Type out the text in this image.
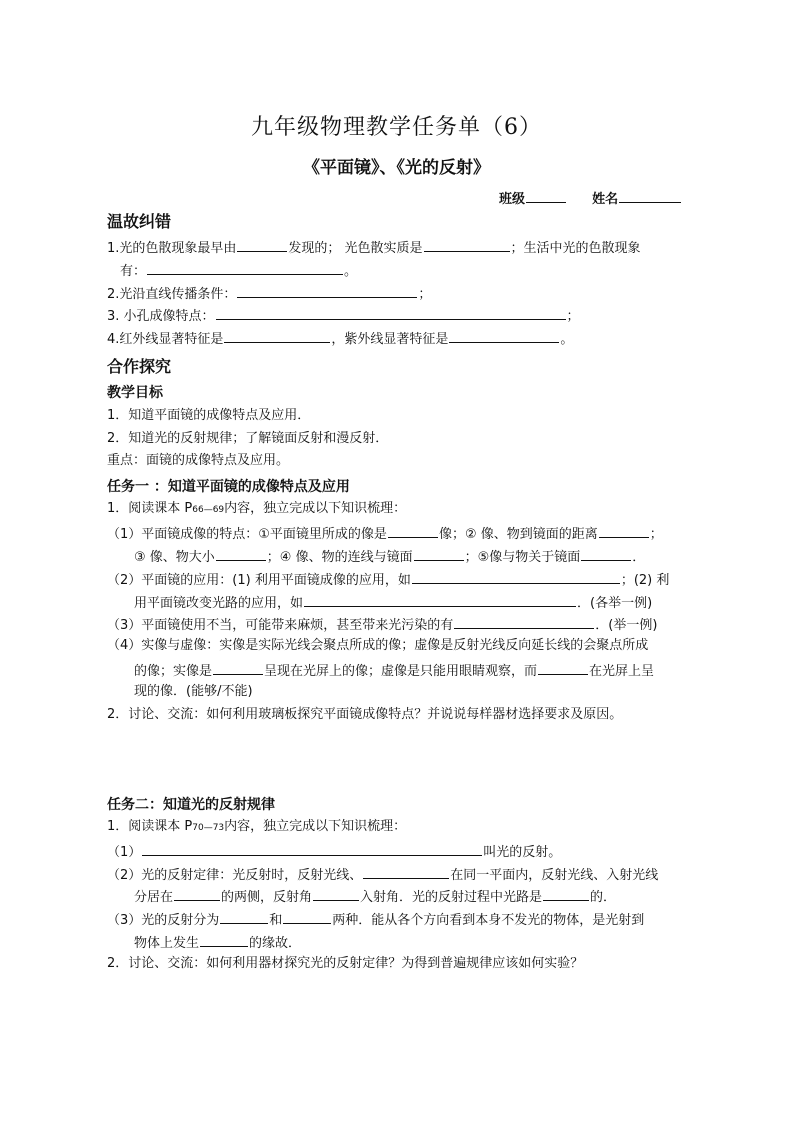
九年级物理教学任务单（6）
《平面镜》、《光的反射》
班级	姓名
温故纠错
1.光的色散现象最早由	发现的； 光色散实质是	；生活中光的色散现象
有：	。
2.光沿直线传播条件：	；
3. 小孔成像特点：	；
4.红外线显著特征是	，紫外线显著特征是	。
合作探究
教学目标
1．知道平面镜的成像特点及应用．
2．知道光的反射规律；了解镜面反射和漫反射．
重点：面镜的成像特点及应用。
任务一 ：知道平面镜的成像特点及应用
1．阅读课本 P66—69内容，独立完成以下知识梳理：
（1）平面镜成像的特点：①平面镜里所成的像是	像；② 像、物到镜面的距离	；
③ 像、物大小	；④ 像、物的连线与镜面	；⑤像与物关于镜面	．
（2）平面镜的应用：(1) 利用平面镜成像的应用，如	；(2) 利
用平面镜改变光路的应用，如	．(各举一例)
（3）平面镜使用不当，可能带来麻烦，甚至带来光污染的有	．(举一例)
（4）实像与虚像：实像是实际光线会聚点所成的像；虚像是反射光线反向延长线的会聚点所成
的像；实像是	呈现在光屏上的像；虚像是只能用眼睛观察，而	在光屏上呈
现的像．(能够/不能)
2．讨论、交流：如何利用玻璃板探究平面镜成像特点？并说说每样器材选择要求及原因。
任务二：知道光的反射规律
1．阅读课本 P70—73内容，独立完成以下知识梳理：
（1）	叫光的反射。
（2）光的反射定律：光反射时，反射光线、	在同一平面内，反射光线、入射光线
分居在	的两侧，反射角	入射角．光的反射过程中光路是	的．
（3）光的反射分为	和	两种．能从各个方向看到本身不发光的物体，是光射到
物体上发生	的缘故．
2．讨论、交流：如何利用器材探究光的反射定律？为得到普遍规律应该如何实验？
